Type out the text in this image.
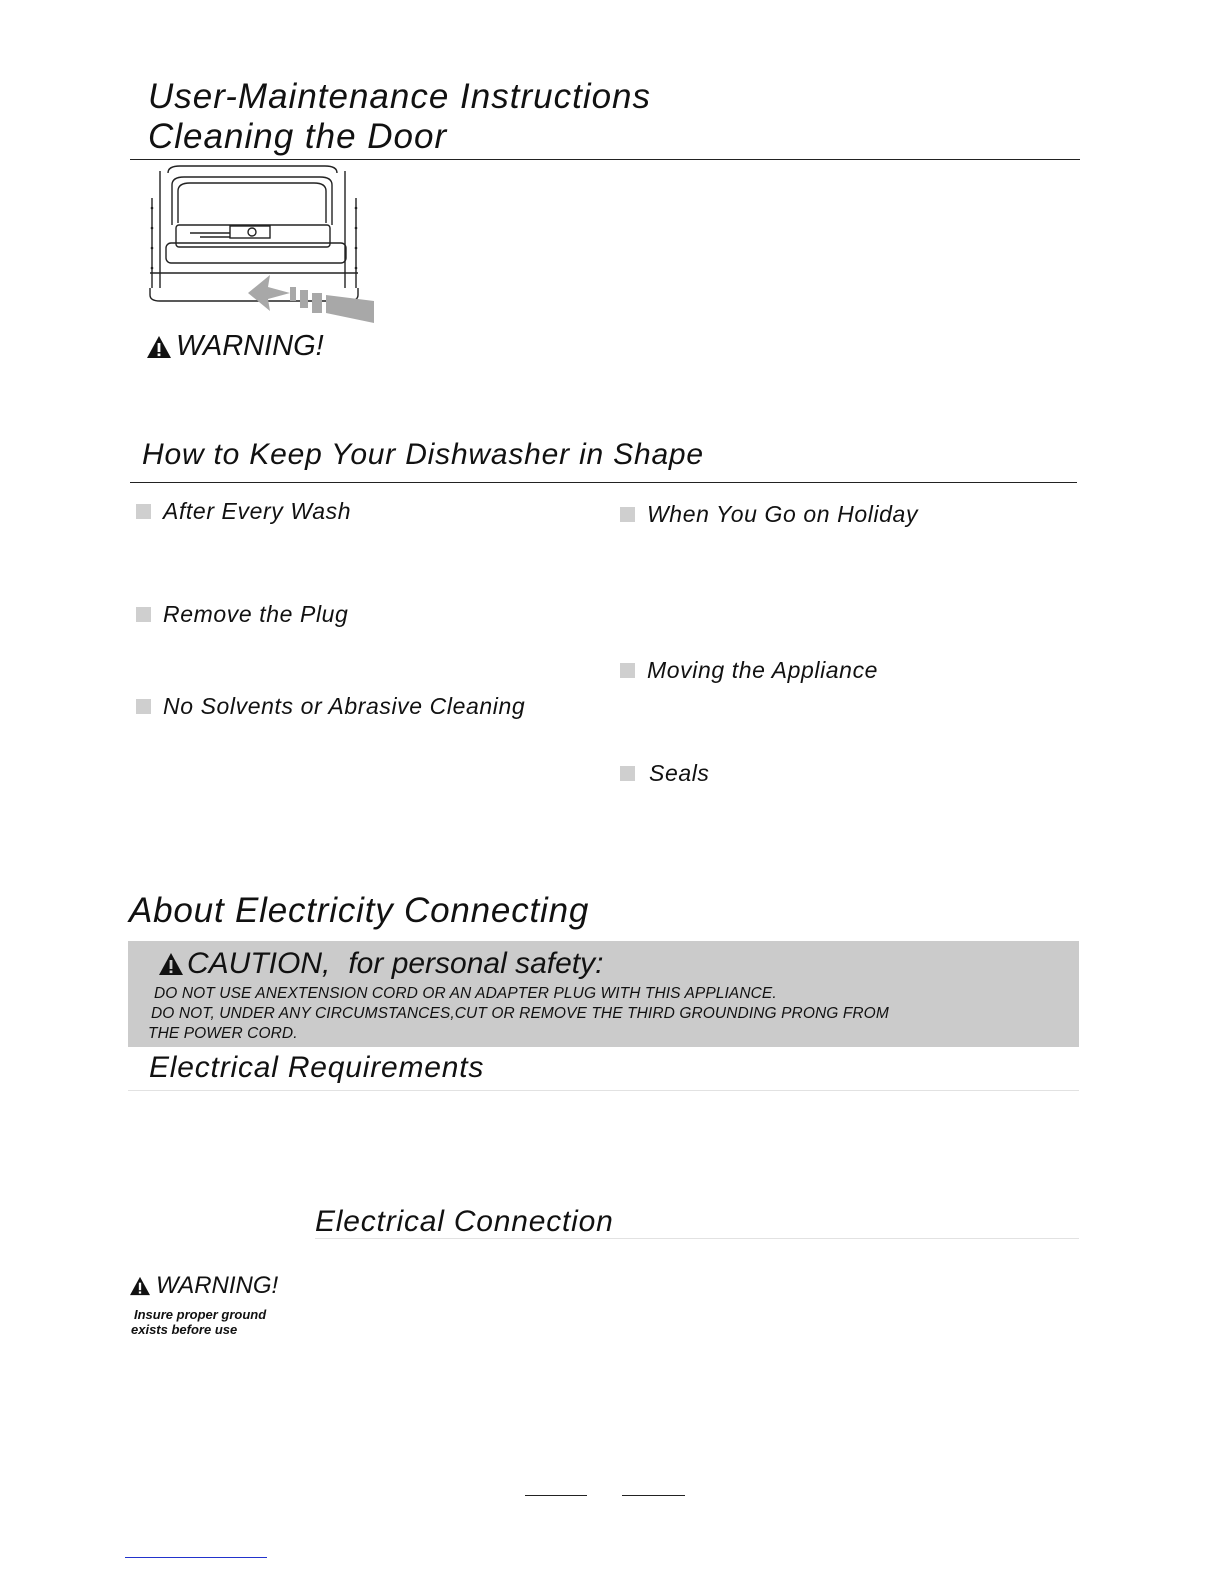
User-Maintenance Instructions
Cleaning the Door
WARNING!
How to Keep Your Dishwasher in Shape
After Every Wash
Remove the Plug
No Solvents or Abrasive Cleaning
When You Go on Holiday
Moving the Appliance
Seals
About Electricity Connecting
CAUTION, for personal safety:
DO NOT USE ANEXTENSION CORD OR AN ADAPTER PLUG WITH THIS APPLIANCE.
DO NOT, UNDER ANY CIRCUMSTANCES,CUT OR REMOVE THE THIRD GROUNDING PRONG FROM
THE POWER CORD.
Electrical Requirements
Electrical Connection
WARNING!
Insure proper ground
exists before use
